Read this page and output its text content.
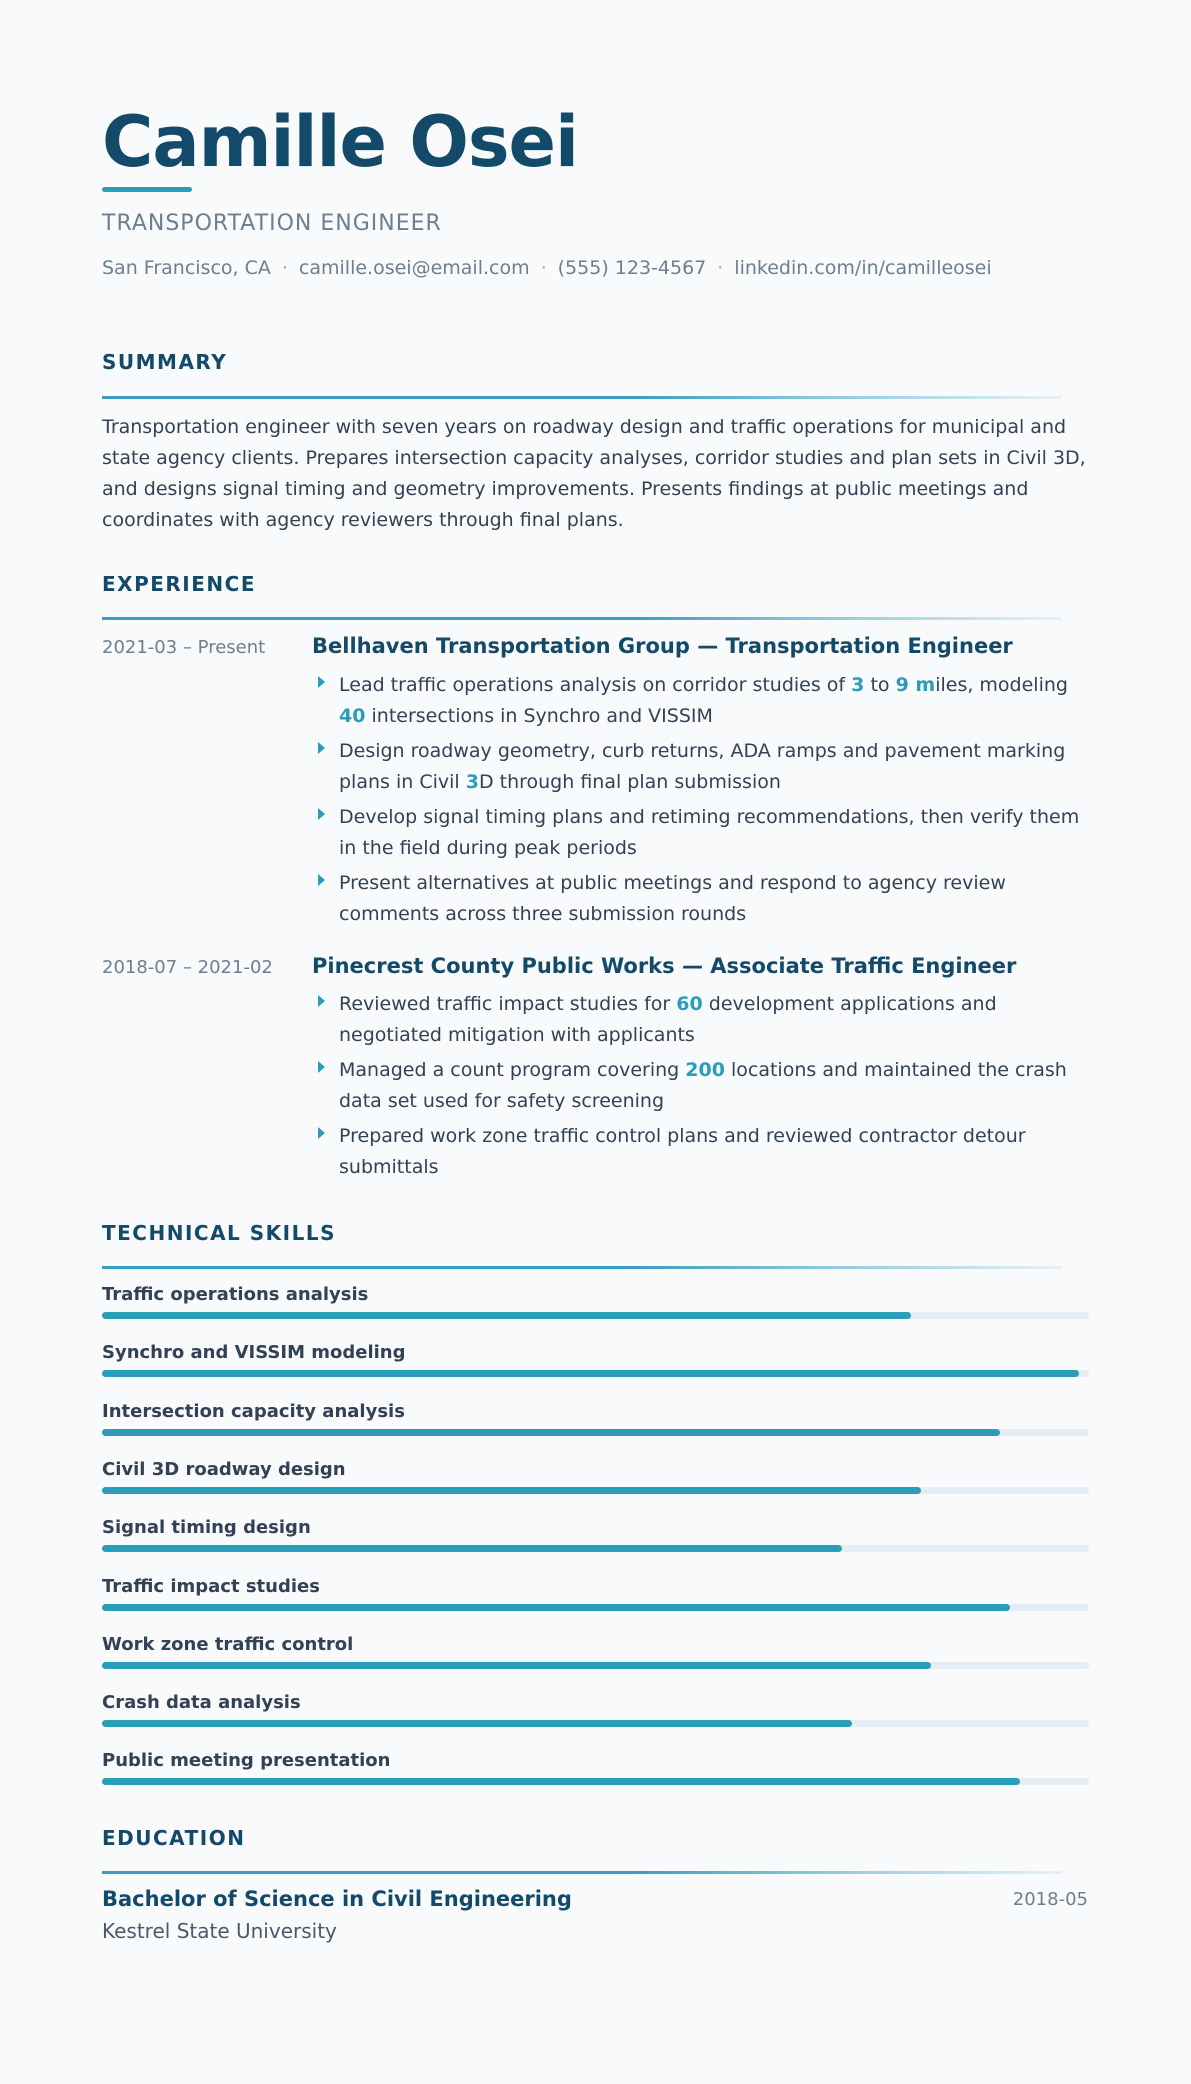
Camille Osei
TRANSPORTATION ENGINEER
San Francisco, CA · camille.osei@email.com · (555) 123-4567 · linkedin.com/in/camilleosei
SUMMARY
Transportation engineer with seven years on roadway design and traffic operations for municipal and state agency clients. Prepares intersection capacity analyses, corridor studies and plan sets in Civil 3D, and designs signal timing and geometry improvements. Presents findings at public meetings and coordinates with agency reviewers through final plans.
EXPERIENCE
2021-03 – Present Bellhaven Transportation Group — Transportation Engineer
Lead traffic operations analysis on corridor studies of 3 to 9 miles, modeling 40 intersections in Synchro and VISSIM
Design roadway geometry, curb returns, ADA ramps and pavement marking plans in Civil 3D through final plan submission
Develop signal timing plans and retiming recommendations, then verify them in the field during peak periods
Present alternatives at public meetings and respond to agency review comments across three submission rounds
2018-07 – 2021-02 Pinecrest County Public Works — Associate Traffic Engineer
Reviewed traffic impact studies for 60 development applications and negotiated mitigation with applicants
Managed a count program covering 200 locations and maintained the crash data set used for safety screening
Prepared work zone traffic control plans and reviewed contractor detour submittals
TECHNICAL SKILLS
Traffic operations analysis
Synchro and VISSIM modeling
Intersection capacity analysis
Civil 3D roadway design
Signal timing design
Traffic impact studies
Work zone traffic control
Crash data analysis
Public meeting presentation
EDUCATION
Bachelor of Science in Civil Engineering	2018-05
Kestrel State University
